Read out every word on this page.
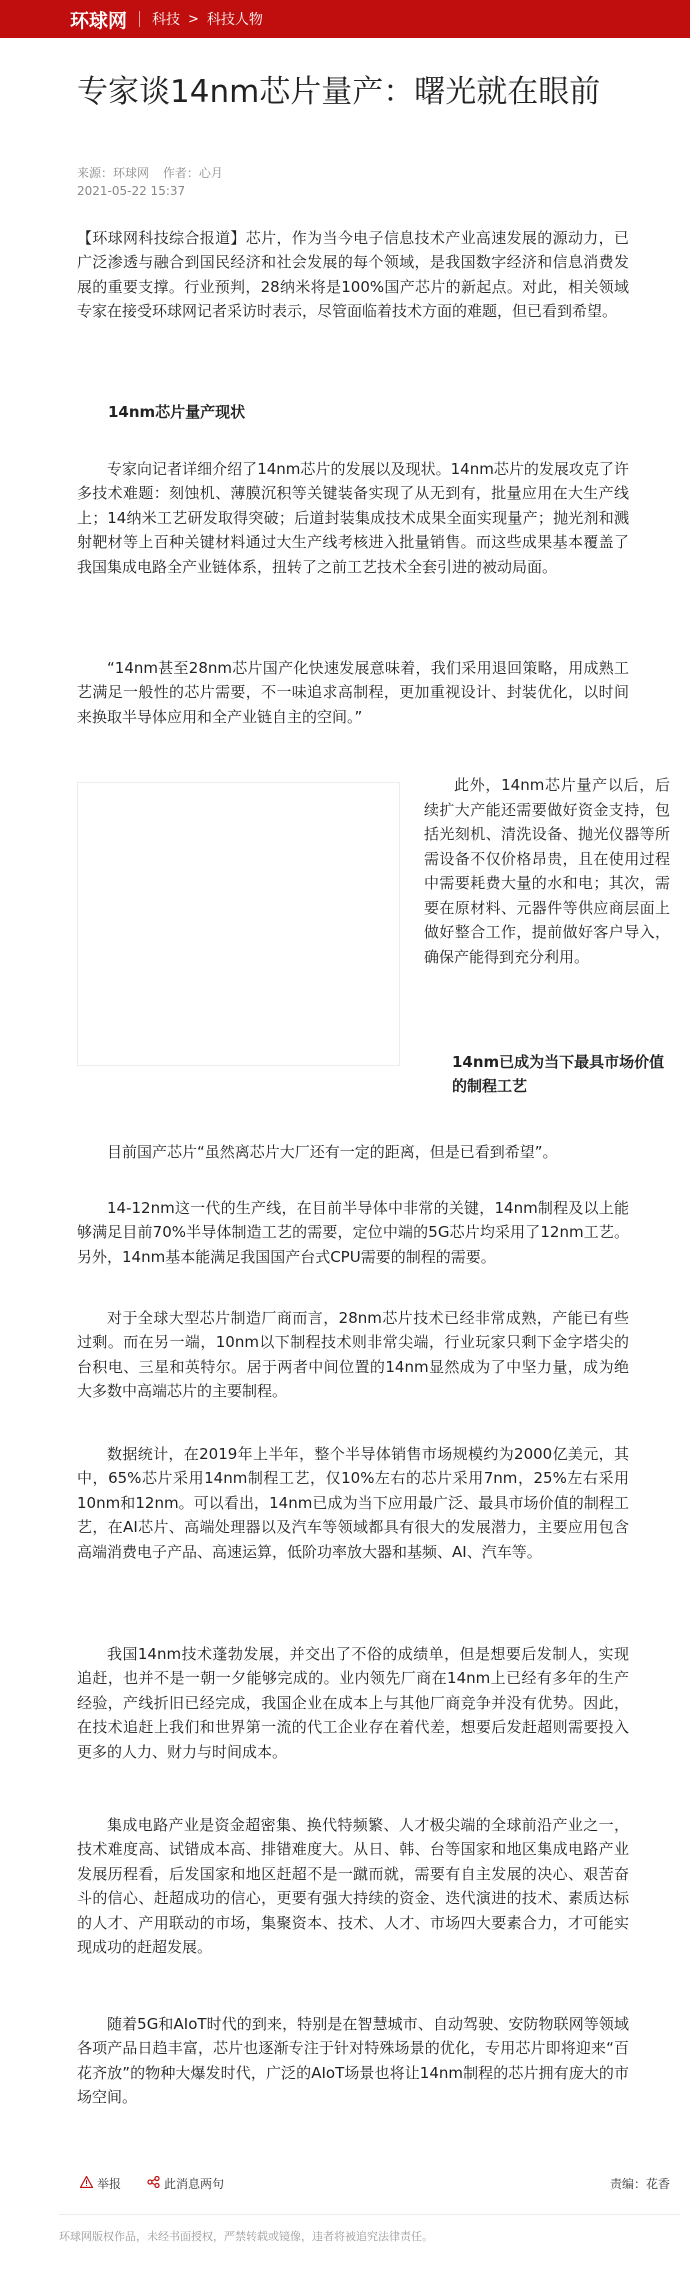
环球网 科技 > 科技人物
专家谈14nm芯片量产：曙光就在眼前
来源：环球网 作者：心月
2021-05-22 15:37

【环球网科技综合报道】芯片，作为当今电子信息技术产业高速发展的源动力，已广泛渗透与融合到国民经济和社会发展的每个领域，是我国数字经济和信息消费发展的重要支撑。行业预判，28纳米将是100%国产芯片的新起点。对此，相关领域专家在接受环球网记者采访时表示，尽管面临着技术方面的难题，但已看到希望。

14nm芯片量产现状

专家向记者详细介绍了14nm芯片的发展以及现状。14nm芯片的发展攻克了许多技术难题：刻蚀机、薄膜沉积等关键装备实现了从无到有，批量应用在大生产线上；14纳米工艺研发取得突破；后道封装集成技术成果全面实现量产；抛光剂和溅射靶材等上百种关键材料通过大生产线考核进入批量销售。而这些成果基本覆盖了我国集成电路全产业链体系，扭转了之前工艺技术全套引进的被动局面。

“14nm甚至28nm芯片国产化快速发展意味着，我们采用退回策略，用成熟工艺满足一般性的芯片需要，不一味追求高制程，更加重视设计、封装优化，以时间来换取半导体应用和全产业链自主的空间。”

此外，14nm芯片量产以后，后续扩大产能还需要做好资金支持，包括光刻机、清洗设备、抛光仪器等所需设备不仅价格昂贵，且在使用过程中需要耗费大量的水和电；其次，需要在原材料、元器件等供应商层面上做好整合工作，提前做好客户导入，确保产能得到充分利用。

14nm已成为当下最具市场价值的制程工艺

目前国产芯片“虽然离芯片大厂还有一定的距离，但是已看到希望”。

14-12nm这一代的生产线，在目前半导体中非常的关键，14nm制程及以上能够满足目前70%半导体制造工艺的需要，定位中端的5G芯片均采用了12nm工艺。另外，14nm基本能满足我国国产台式CPU需要的制程的需要。

对于全球大型芯片制造厂商而言，28nm芯片技术已经非常成熟，产能已有些过剩。而在另一端，10nm以下制程技术则非常尖端，行业玩家只剩下金字塔尖的台积电、三星和英特尔。居于两者中间位置的14nm显然成为了中坚力量，成为绝大多数中高端芯片的主要制程。

数据统计，在2019年上半年，整个半导体销售市场规模约为2000亿美元，其中，65%芯片采用14nm制程工艺，仅10%左右的芯片采用7nm，25%左右采用10nm和12nm。可以看出，14nm已成为当下应用最广泛、最具市场价值的制程工艺，在AI芯片、高端处理器以及汽车等领域都具有很大的发展潜力，主要应用包含高端消费电子产品、高速运算，低阶功率放大器和基频、AI、汽车等。

我国14nm技术蓬勃发展，并交出了不俗的成绩单，但是想要后发制人，实现追赶，也并不是一朝一夕能够完成的。业内领先厂商在14nm上已经有多年的生产经验，产线折旧已经完成，我国企业在成本上与其他厂商竞争并没有优势。因此，在技术追赶上我们和世界第一流的代工企业存在着代差，想要后发赶超则需要投入更多的人力、财力与时间成本。

集成电路产业是资金超密集、换代特频繁、人才极尖端的全球前沿产业之一，技术难度高、试错成本高、排错难度大。从日、韩、台等国家和地区集成电路产业发展历程看，后发国家和地区赶超不是一蹴而就，需要有自主发展的决心、艰苦奋斗的信心、赶超成功的信心，更要有强大持续的资金、迭代演进的技术、素质达标的人才、产用联动的市场，集聚资本、技术、人才、市场四大要素合力，才可能实现成功的赶超发展。

随着5G和AIoT时代的到来，特别是在智慧城市、自动驾驶、安防物联网等领域各项产品日趋丰富，芯片也逐渐专注于针对特殊场景的优化，专用芯片即将迎来“百花齐放”的物种大爆发时代，广泛的AIoT场景也将让14nm制程的芯片拥有庞大的市场空间。

举报	此消息两句	责编：花香
环球网版权作品，未经书面授权，严禁转载或镜像，违者将被追究法律责任。
